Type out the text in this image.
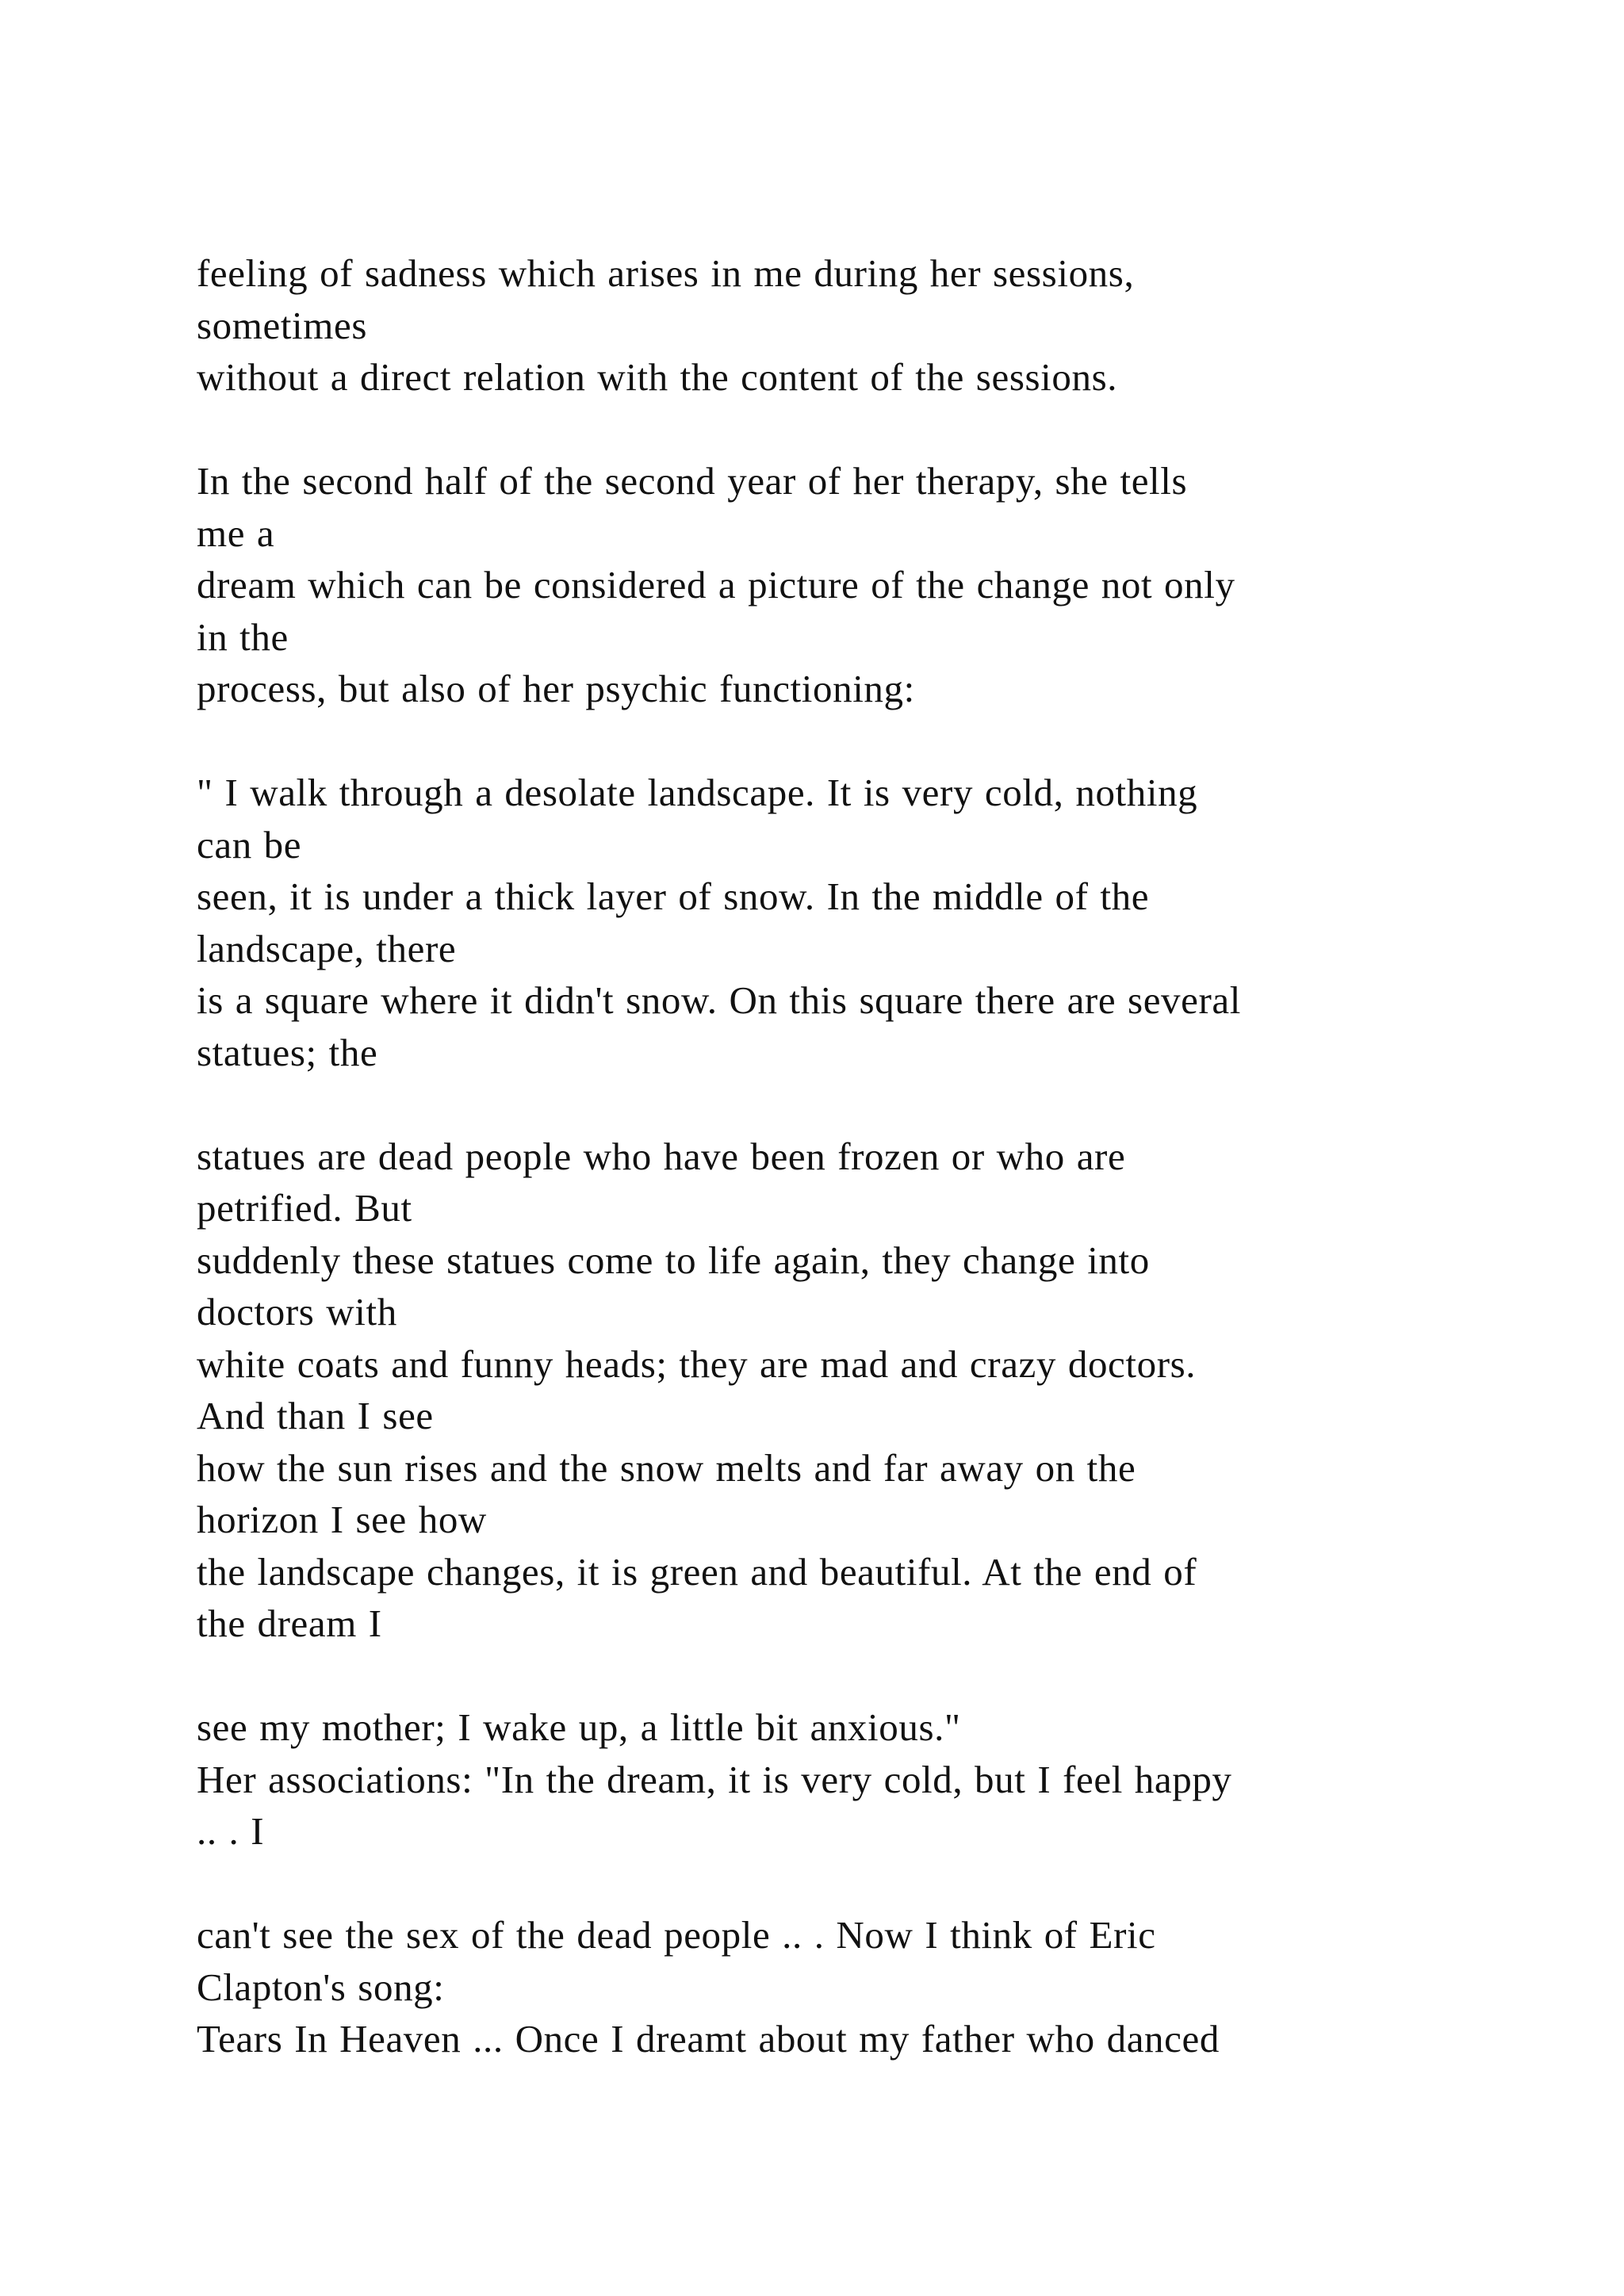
feeling of sadness which arises in me during her sessions,
sometimes
without a direct relation with the content of the sessions.
In the second half of the second year of her therapy, she tells
me a
dream which can be considered a picture of the change not only
in the
process, but also of her psychic functioning:
" I walk through a desolate landscape. It is very cold, nothing
can be
seen, it is under a thick layer of snow. In the middle of the
landscape, there
is a square where it didn't snow. On this square there are several
statues; the
statues are dead people who have been frozen or who are
petrified. But
suddenly these statues come to life again, they change into
doctors with
white coats and funny heads; they are mad and crazy doctors.
And than I see
how the sun rises and the snow melts and far away on the
horizon I see how
the landscape changes, it is green and beautiful. At the end of
the dream I
see my mother; I wake up, a little bit anxious."
Her associations: "In the dream, it is very cold, but I feel happy
.. . I
can't see the sex of the dead people .. . Now I think of Eric
Clapton's song:
Tears In Heaven ... Once I dreamt about my father who danced
